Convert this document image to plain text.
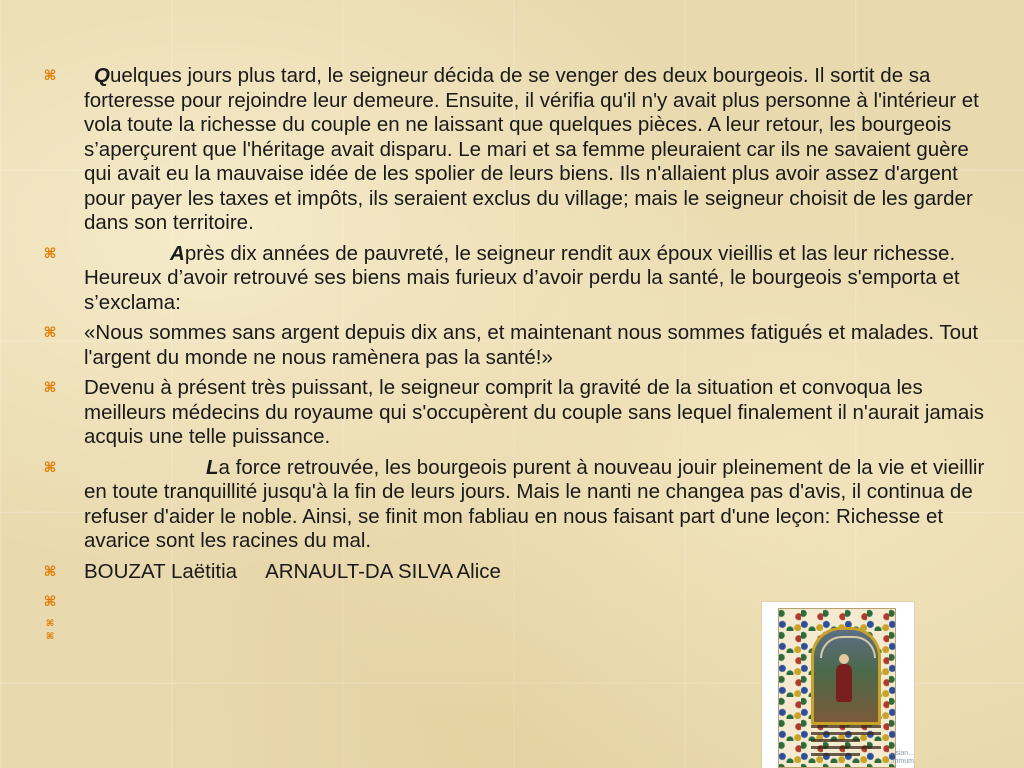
⌘ Quelques jours plus tard, le seigneur décida de se venger des deux bourgeois. Il sortit de sa forteresse pour rejoindre leur demeure. Ensuite, il vérifia qu'il n'y avait plus personne à l'intérieur et vola toute la richesse du couple en ne laissant que quelques pièces. A leur retour, les bourgeois s’aperçurent que l'héritage avait disparu. Le mari et sa femme pleuraient car ils ne savaient guère qui avait eu la mauvaise idée de les spolier de leurs biens. Ils n'allaient plus avoir assez d'argent pour payer les taxes et impôts, ils seraient exclus du village; mais le seigneur choisit de les garder dans son territoire.
⌘	Après dix années de pauvreté, le seigneur rendit aux époux vieillis et las leur richesse. Heureux d’avoir retrouvé ses biens mais furieux d’avoir perdu la santé, le bourgeois s'emporta et s’exclama:
⌘ «Nous sommes sans argent depuis dix ans, et maintenant nous sommes fatigués et malades. Tout l'argent du monde ne nous ramènera pas la santé!»
⌘ Devenu à présent très puissant, le seigneur comprit la gravité de la situation et convoqua les meilleurs médecins du royaume qui s'occupèrent du couple sans lequel finalement il n'aurait jamais acquis une telle puissance.
⌘	La force retrouvée, les bourgeois purent à nouveau jouir pleinement de la vie et vieillir en toute tranquillité jusqu'à la fin de leurs jours. Mais le nanti ne changea pas d'avis, il continua de refuser d'aider le noble. Ainsi, se finit mon fabliau en nous faisant part d'une leçon: Richesse et avarice sont les racines du mal.
⌘ BOUZAT Laëtitia ARNAULT-DA SILVA Alice
⌘
⌘
⌘
...sian... ...mmum
